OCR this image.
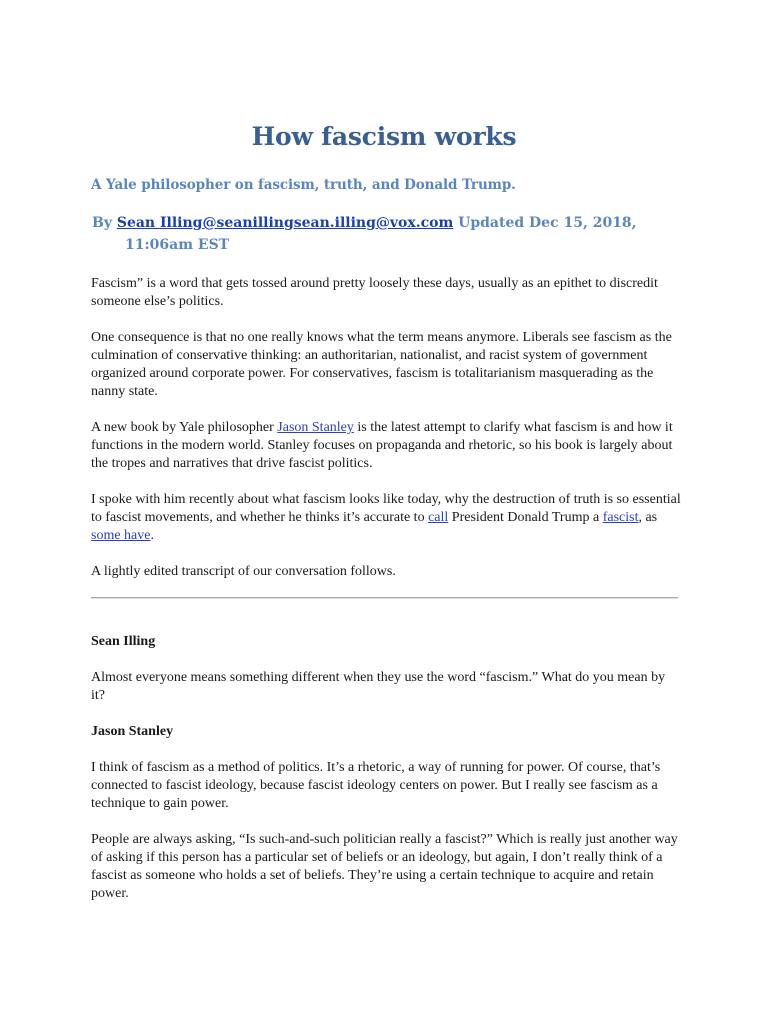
How fascism works
A Yale philosopher on fascism, truth, and Donald Trump.
By Sean Illing@seanillingsean.illing@vox.com Updated Dec 15, 2018,
11:06am EST

Fascism” is a word that gets tossed around pretty loosely these days, usually as an epithet to discredit someone else’s politics.

One consequence is that no one really knows what the term means anymore. Liberals see fascism as the culmination of conservative thinking: an authoritarian, nationalist, and racist system of government organized around corporate power. For conservatives, fascism is totalitarianism masquerading as the nanny state.

A new book by Yale philosopher Jason Stanley is the latest attempt to clarify what fascism is and how it functions in the modern world. Stanley focuses on propaganda and rhetoric, so his book is largely about the tropes and narratives that drive fascist politics.

I spoke with him recently about what fascism looks like today, why the destruction of truth is so essential to fascist movements, and whether he thinks it’s accurate to call President Donald Trump a fascist, as some have.

A lightly edited transcript of our conversation follows.

Sean Illing

Almost everyone means something different when they use the word “fascism.” What do you mean by it?

Jason Stanley

I think of fascism as a method of politics. It’s a rhetoric, a way of running for power. Of course, that’s connected to fascist ideology, because fascist ideology centers on power. But I really see fascism as a technique to gain power.

People are always asking, “Is such-and-such politician really a fascist?” Which is really just another way of asking if this person has a particular set of beliefs or an ideology, but again, I don’t really think of a fascist as someone who holds a set of beliefs. They’re using a certain technique to acquire and retain power.
